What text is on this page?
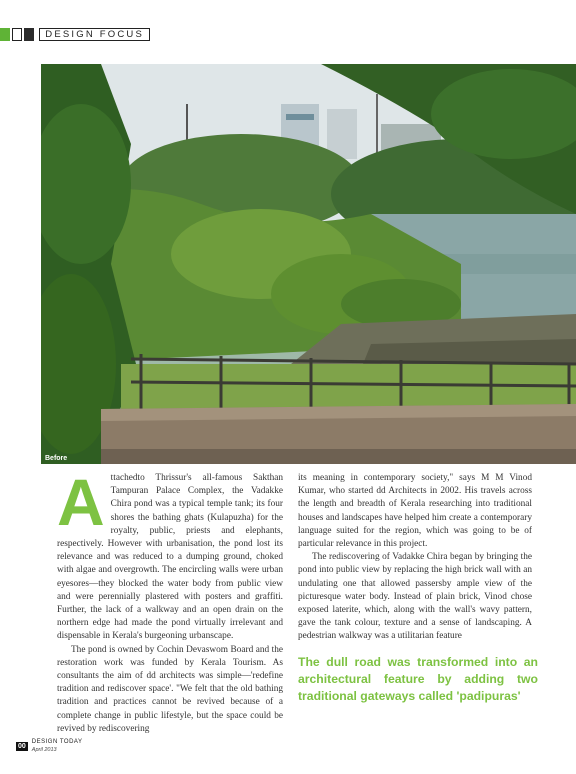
DESIGN FOCUS
Before

Attachedto Thrissur's all-famous Sakthan Tampuran Palace Complex, the Vadakke Chira pond was a typical temple tank; its four shores the bathing ghats (Kulapuzha) for the royalty, public, priests and elephants, respectively. However with urbanisation, the pond lost its relevance and was reduced to a dumping ground, choked with algae and overgrowth. The encircling walls were urban eyesores—they blocked the water body from public view and were perennially plastered with posters and graffiti. Further, the lack of a walkway and an open drain on the northern edge had made the pond virtually irrelevant and dispensable in Kerala's burgeoning urbanscape.

The pond is owned by Cochin Devaswom Board and the restoration work was funded by Kerala Tourism. As consultants the aim of dd architects was simple—'redefine tradition and rediscover space'. "We felt that the old bathing tradition and practices cannot be revived because of a complete change in public lifestyle, but the space could be revived by rediscovering

its meaning in contemporary society," says M M Vinod Kumar, who started dd Architects in 2002. His travels across the length and breadth of Kerala researching into traditional houses and landscapes have helped him create a contemporary language suited for the region, which was going to be of particular relevance in this project.

The rediscovering of Vadakke Chira began by bringing the pond into public view by replacing the high brick wall with an undulating one that allowed passersby ample view of the picturesque water body. Instead of plain brick, Vinod chose exposed laterite, which, along with the wall's wavy pattern, gave the tank colour, texture and a sense of landscaping. A pedestrian walkway was a utilitarian feature

The dull road was transformed into an architectural feature by adding two traditional gateways called 'padipuras'
00
DESIGN TODAY
April 2013
